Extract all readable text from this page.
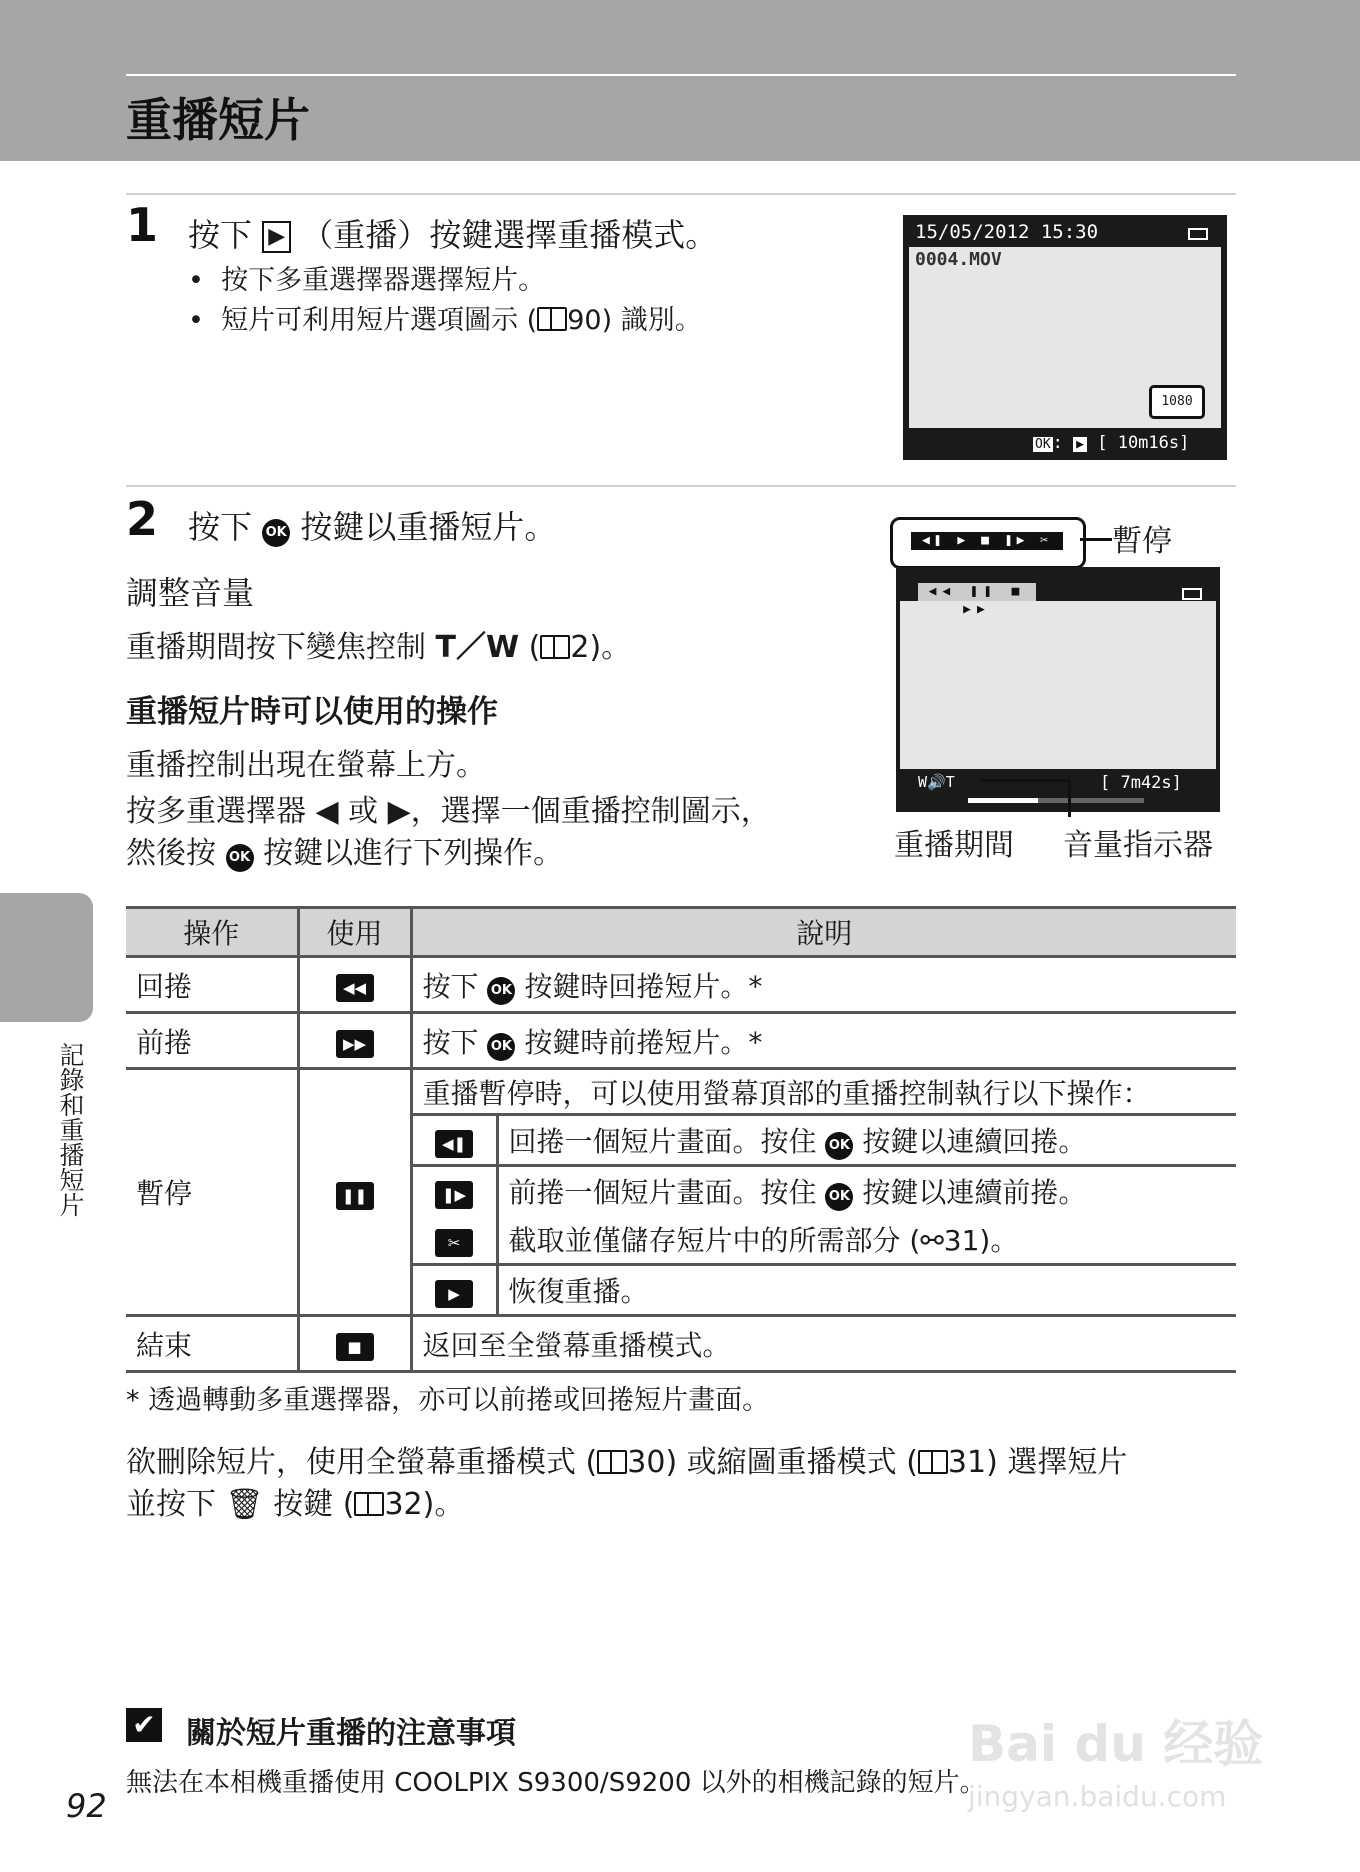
重播短片
1 按下 ▶ （重播）按鍵選擇重播模式。
•  按下多重選擇器選擇短片。
•  短片可利用短片選項圖示 ( 90) 識別。
15/05/2012 15:30
0004.MOV
1080
OK : ▶ [ 10m16s]
2 按下 OK 按鍵以重播短片。
調整音量
重播期間按下變焦控制 T／W ( 2)。
重播短片時可以使用的操作
重播控制出現在螢幕上方。
按多重選擇器 ◀ 或 ▶，選擇一個重播控制圖示，
然後按 OK 按鍵以進行下列操作。
◀❚ ▶ ■ ❚▶ ✂	暫停
◀◀ ❚❚ ■ ▶▶
W🔊T	[ 7m42s]
重播期間 音量指示器
操作	使用	說明	
回捲	◀◀	按下 OK 按鍵時回捲短片。*	
前捲	▶▶	按下 OK 按鍵時前捲短片。*	
暫停	❚❚	重播暫停時，可以使用螢幕頂部的重播控制執行以下操作：	
		◀❚	回捲一個短片畫面。按住 OK 按鍵以連續回捲。
		❚▶	前捲一個短片畫面。按住 OK 按鍵以連續前捲。
		✂	截取並僅儲存短片中的所需部分 (⚯31)。
		▶	恢復重播。
結束	■	返回至全螢幕重播模式。	
* 透過轉動多重選擇器，亦可以前捲或回捲短片畫面。
欲刪除短片，使用全螢幕重播模式 ( 30) 或縮圖重播模式 ( 31) 選擇短片
並按下 🗑 按鍵 ( 32)。
✔ 關於短片重播的注意事項
無法在本相機重播使用 COOLPIX S9300/S9200 以外的相機記錄的短片。
記錄和重播短片
92
Bai du 经验
jingyan.baidu.com
